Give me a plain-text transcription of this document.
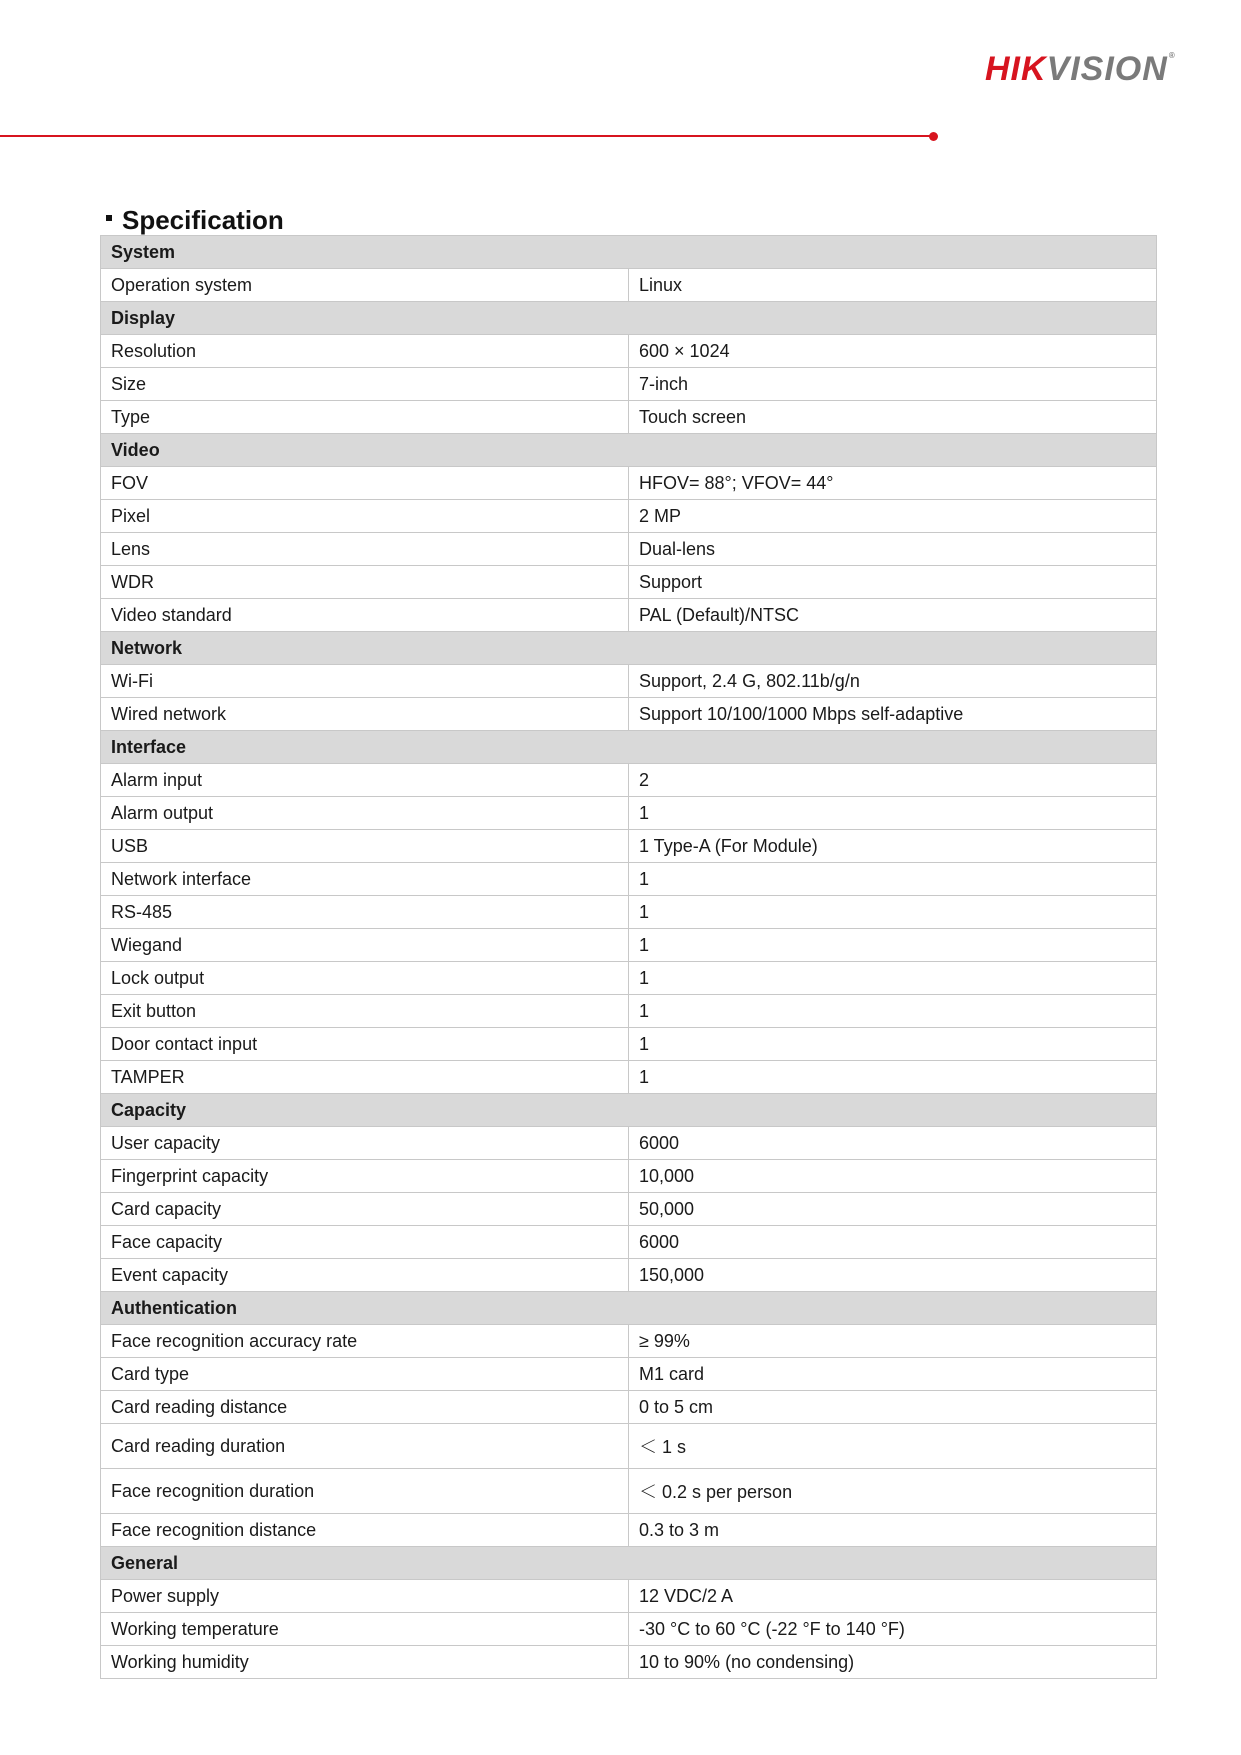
HIKVISION®
Specification
System	
Operation system	Linux
Display	
Resolution	600 × 1024
Size	7-inch
Type	Touch screen
Video	
FOV	HFOV= 88°; VFOV= 44°
Pixel	2 MP
Lens	Dual-lens
WDR	Support
Video standard	PAL (Default)/NTSC
Network	
Wi-Fi	Support, 2.4 G, 802.11b/g/n
Wired network	Support 10/100/1000 Mbps self-adaptive
Interface	
Alarm input	2
Alarm output	1
USB	1 Type-A (For Module)
Network interface	1
RS-485	1
Wiegand	1
Lock output	1
Exit button	1
Door contact input	1
TAMPER	1
Capacity	
User capacity	6000
Fingerprint capacity	10,000
Card capacity	50,000
Face capacity	6000
Event capacity	150,000
Authentication	
Face recognition accuracy rate	≥ 99%
Card type	M1 card
Card reading distance	0 to 5 cm
Card reading duration	＜ 1 s
Face recognition duration	＜ 0.2 s per person
Face recognition distance	0.3 to 3 m
General	
Power supply	12 VDC/2 A
Working temperature	-30 °C to 60 °C (-22 °F to 140 °F)
Working humidity	10 to 90% (no condensing)
